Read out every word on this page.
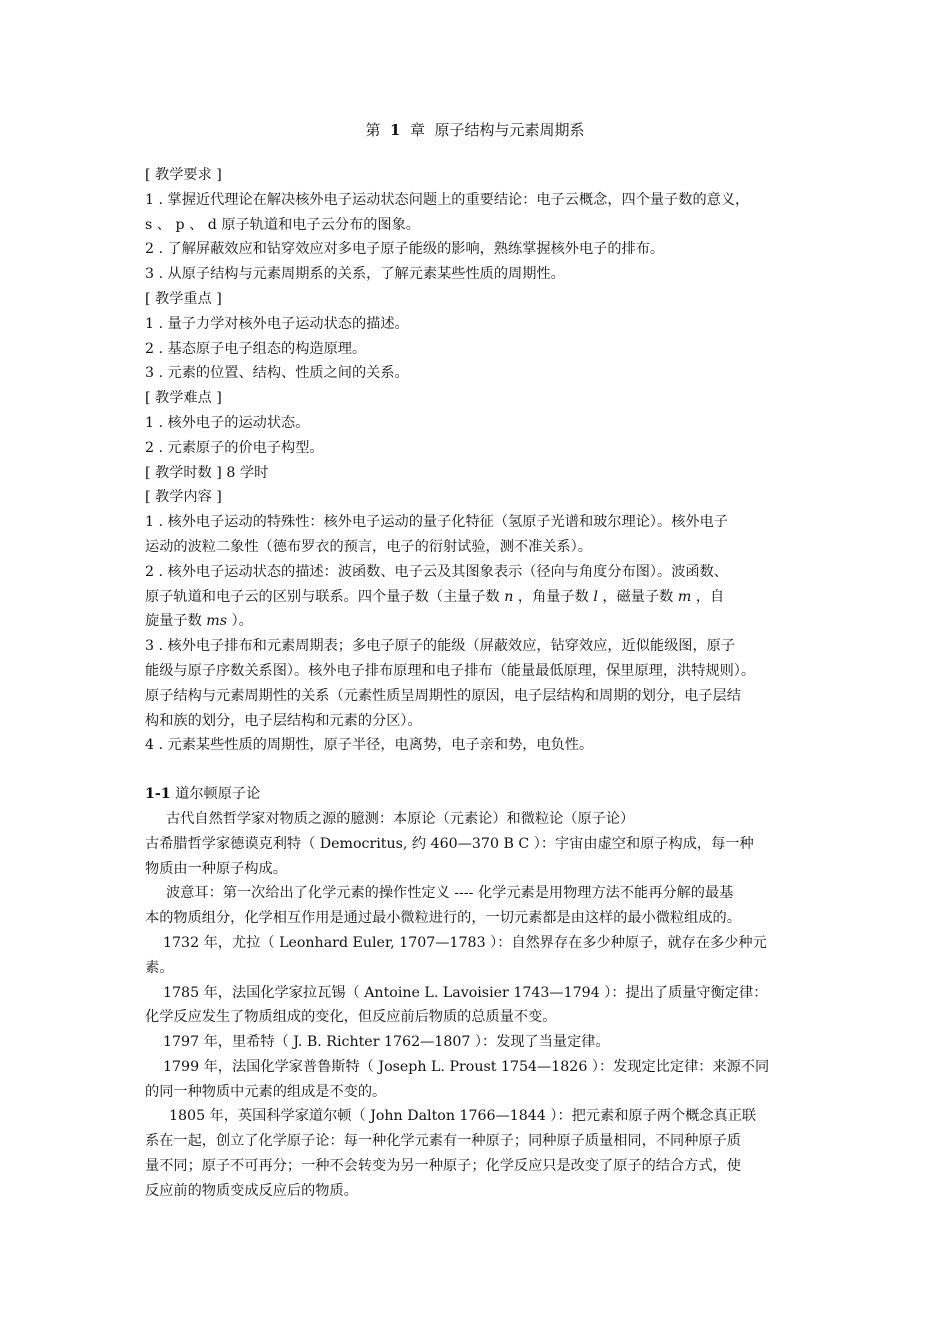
第 1 章 原子结构与元素周期系
[ 教学要求 ]
1 . 掌握近代理论在解决核外电子运动状态问题上的重要结论：电子云概念，四个量子数的意义，
s 、 p 、 d 原子轨道和电子云分布的图象。
2 . 了解屏蔽效应和钻穿效应对多电子原子能级的影响，熟练掌握核外电子的排布。
3 . 从原子结构与元素周期系的关系，了解元素某些性质的周期性。
[ 教学重点 ]
1 . 量子力学对核外电子运动状态的描述。
2 . 基态原子电子组态的构造原理。
3 . 元素的位置、结构、性质之间的关系。
[ 教学难点 ]
1 . 核外电子的运动状态。
2 . 元素原子的价电子构型。
[ 教学时数 ] 8 学时
[ 教学内容 ]
1 . 核外电子运动的特殊性：核外电子运动的量子化特征（氢原子光谱和玻尔理论）。核外电子
运动的波粒二象性（德布罗衣的预言，电子的衍射试验，测不准关系）。
2 . 核外电子运动状态的描述：波函数、电子云及其图象表示（径向与角度分布图）。波函数、
原子轨道和电子云的区别与联系。四个量子数（主量子数 n ，角量子数 l ，磁量子数 m ，自
旋量子数 ms ）。
3 . 核外电子排布和元素周期表；多电子原子的能级（屏蔽效应，钻穿效应，近似能级图，原子
能级与原子序数关系图）。核外电子排布原理和电子排布（能量最低原理，保里原理，洪特规则）。
原子结构与元素周期性的关系（元素性质呈周期性的原因，电子层结构和周期的划分，电子层结
构和族的划分，电子层结构和元素的分区）。
4 . 元素某些性质的周期性，原子半径，电离势，电子亲和势，电负性。
1-1 道尔顿原子论
古代自然哲学家对物质之源的臆测：本原论（元素论）和微粒论（原子论）
古希腊哲学家德谟克利特（ Democritus, 约 460—370 B C ）：宇宙由虚空和原子构成，每一种
物质由一种原子构成。
波意耳：第一次给出了化学元素的操作性定义 ---- 化学元素是用物理方法不能再分解的最基
本的物质组分，化学相互作用是通过最小微粒进行的，一切元素都是由这样的最小微粒组成的。
1732 年，尤拉（ Leonhard Euler, 1707—1783 ）：自然界存在多少种原子，就存在多少种元
素。
1785 年，法国化学家拉瓦锡（ Antoine L. Lavoisier 1743—1794 ）：提出了质量守衡定律：
化学反应发生了物质组成的变化，但反应前后物质的总质量不变。
1797 年，里希特（ J. B. Richter 1762—1807 ）：发现了当量定律。
1799 年，法国化学家普鲁斯特（ Joseph L. Proust 1754—1826 ）：发现定比定律：来源不同
的同一种物质中元素的组成是不变的。
1805 年，英国科学家道尔顿（ John Dalton 1766—1844 ）：把元素和原子两个概念真正联
系在一起，创立了化学原子论：每一种化学元素有一种原子；同种原子质量相同，不同种原子质
量不同；原子不可再分；一种不会转变为另一种原子；化学反应只是改变了原子的结合方式，使
反应前的物质变成反应后的物质。
